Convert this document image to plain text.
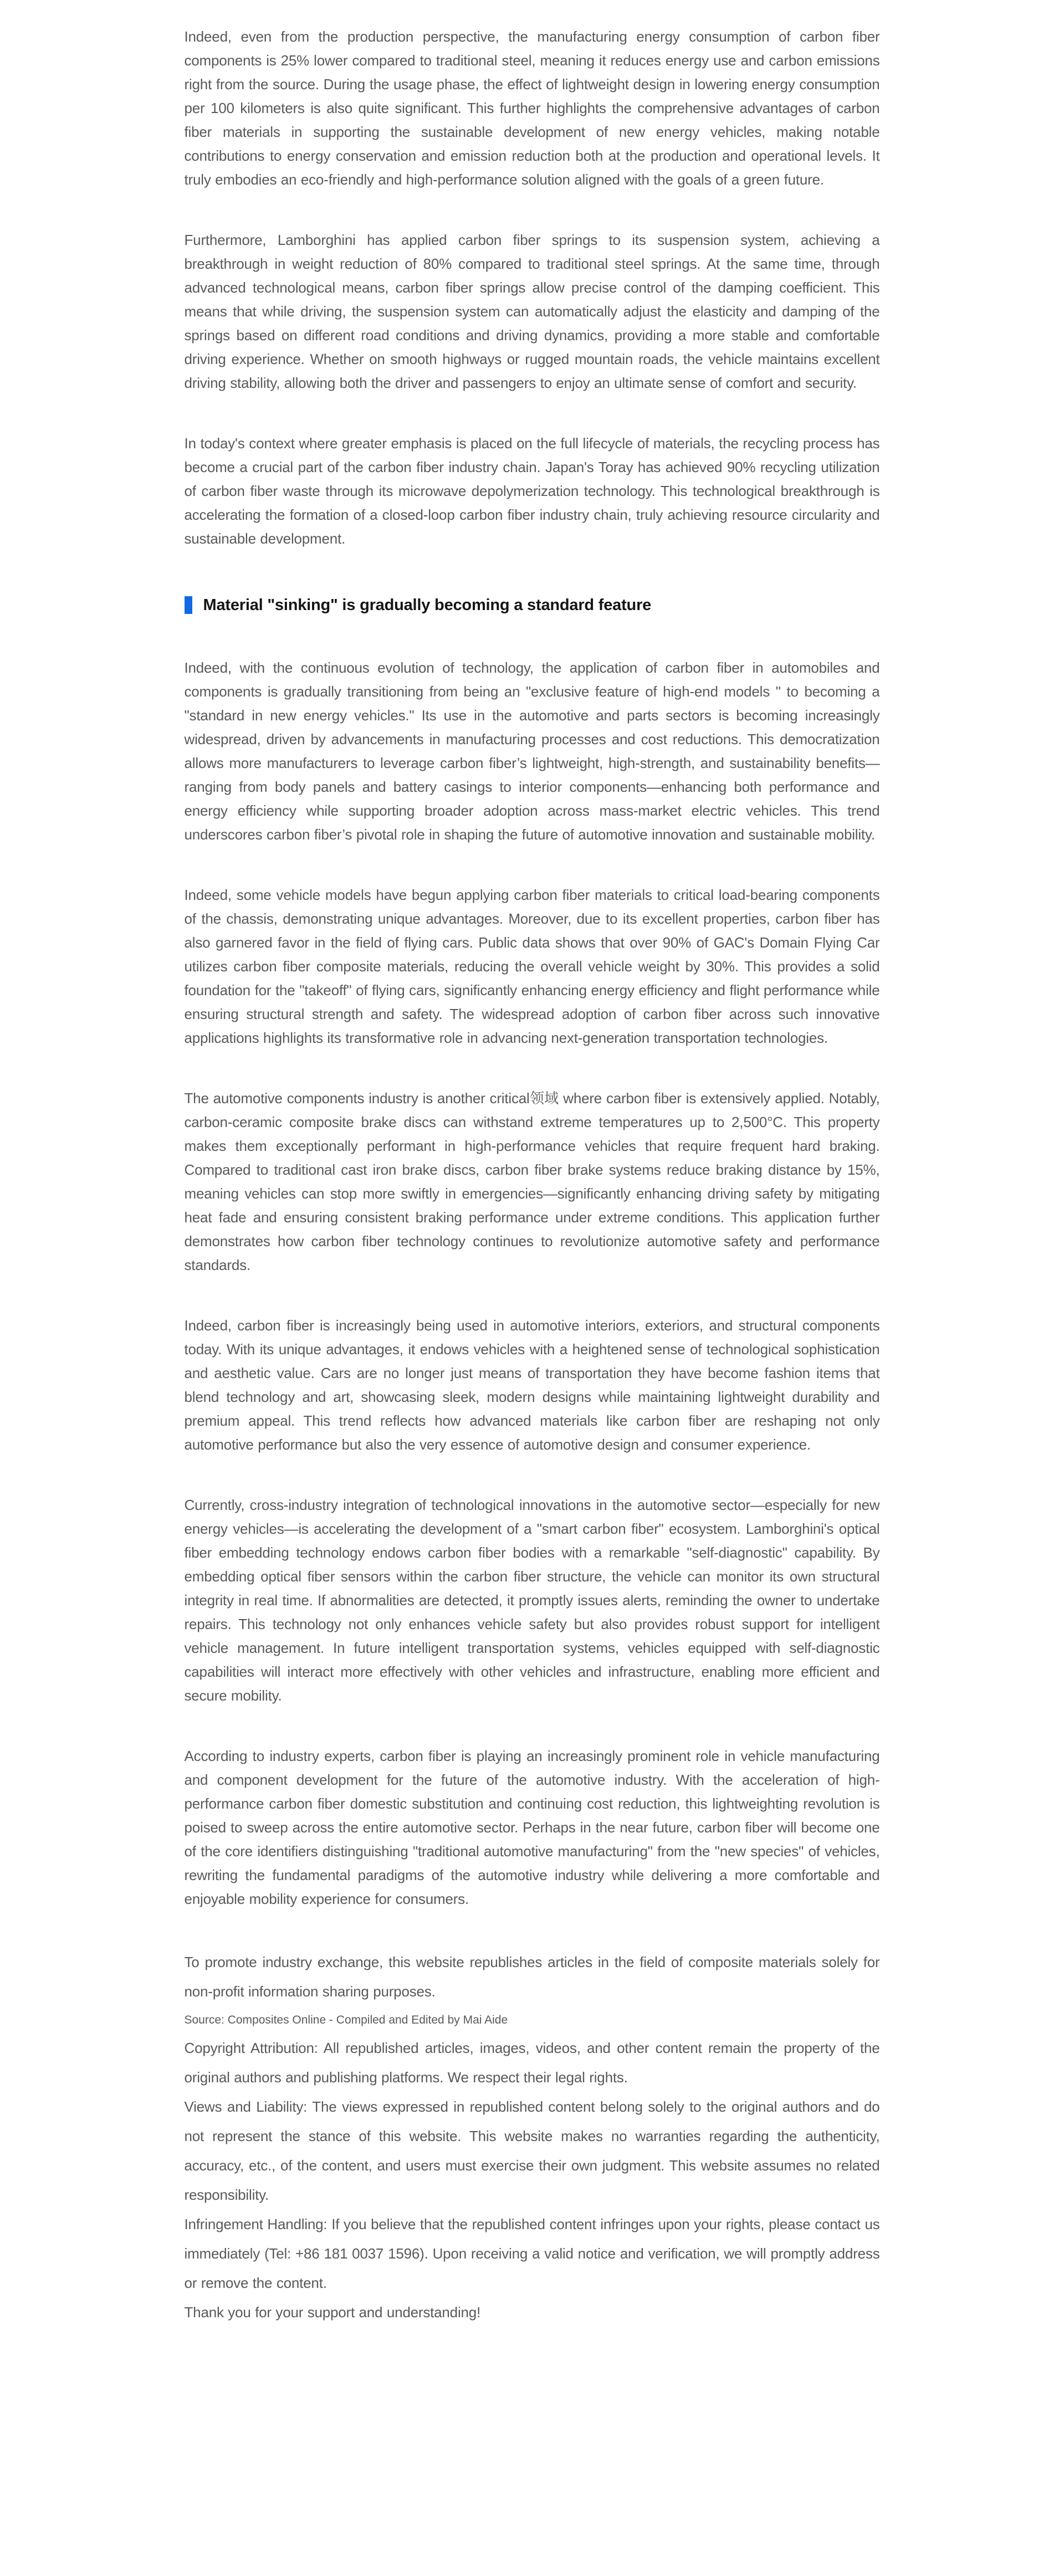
Indeed, even from the production perspective, the manufacturing energy consumption of carbon fiber components is 25% lower compared to traditional steel, meaning it reduces energy use and carbon emissions right from the source. During the usage phase, the effect of lightweight design in lowering energy consumption per 100 kilometers is also quite significant. This further highlights the comprehensive advantages of carbon fiber materials in supporting the sustainable development of new energy vehicles, making notable contributions to energy conservation and emission reduction both at the production and operational levels. It truly embodies an eco-friendly and high-performance solution aligned with the goals of a green future.

Furthermore, Lamborghini has applied carbon fiber springs to its suspension system, achieving a breakthrough in weight reduction of 80% compared to traditional steel springs. At the same time, through advanced technological means, carbon fiber springs allow precise control of the damping coefficient. This means that while driving, the suspension system can automatically adjust the elasticity and damping of the springs based on different road conditions and driving dynamics, providing a more stable and comfortable driving experience. Whether on smooth highways or rugged mountain roads, the vehicle maintains excellent driving stability, allowing both the driver and passengers to enjoy an ultimate sense of comfort and security.

In today's context where greater emphasis is placed on the full lifecycle of materials, the recycling process has become a crucial part of the carbon fiber industry chain. Japan's Toray has achieved 90% recycling utilization of carbon fiber waste through its microwave depolymerization technology. This technological breakthrough is accelerating the formation of a closed-loop carbon fiber industry chain, truly achieving resource circularity and sustainable development.

Material "sinking" is gradually becoming a standard feature

Indeed, with the continuous evolution of technology, the application of carbon fiber in automobiles and components is gradually transitioning from being an "exclusive feature of high-end models " to becoming a "standard in new energy vehicles." Its use in the automotive and parts sectors is becoming increasingly widespread, driven by advancements in manufacturing processes and cost reductions. This democratization allows more manufacturers to leverage carbon fiber’s lightweight, high-strength, and sustainability benefits—ranging from body panels and battery casings to interior components—enhancing both performance and energy efficiency while supporting broader adoption across mass-market electric vehicles. This trend underscores carbon fiber’s pivotal role in shaping the future of automotive innovation and sustainable mobility.

Indeed, some vehicle models have begun applying carbon fiber materials to critical load-bearing components of the chassis, demonstrating unique advantages. Moreover, due to its excellent properties, carbon fiber has also garnered favor in the field of flying cars. Public data shows that over 90% of GAC's Domain Flying Car utilizes carbon fiber composite materials, reducing the overall vehicle weight by 30%. This provides a solid foundation for the "takeoff" of flying cars, significantly enhancing energy efficiency and flight performance while ensuring structural strength and safety. The widespread adoption of carbon fiber across such innovative applications highlights its transformative role in advancing next-generation transportation technologies.

The automotive components industry is another critical领域 where carbon fiber is extensively applied. Notably, carbon-ceramic composite brake discs can withstand extreme temperatures up to 2,500°C. This property makes them exceptionally performant in high-performance vehicles that require frequent hard braking. Compared to traditional cast iron brake discs, carbon fiber brake systems reduce braking distance by 15%, meaning vehicles can stop more swiftly in emergencies—significantly enhancing driving safety by mitigating heat fade and ensuring consistent braking performance under extreme conditions. This application further demonstrates how carbon fiber technology continues to revolutionize automotive safety and performance standards.

Indeed, carbon fiber is increasingly being used in automotive interiors, exteriors, and structural components today. With its unique advantages, it endows vehicles with a heightened sense of technological sophistication and aesthetic value. Cars are no longer just means of transportation they have become fashion items that blend technology and art, showcasing sleek, modern designs while maintaining lightweight durability and premium appeal. This trend reflects how advanced materials like carbon fiber are reshaping not only automotive performance but also the very essence of automotive design and consumer experience.

Currently, cross-industry integration of technological innovations in the automotive sector—especially for new energy vehicles—is accelerating the development of a "smart carbon fiber" ecosystem. Lamborghini's optical fiber embedding technology endows carbon fiber bodies with a remarkable "self-diagnostic" capability. By embedding optical fiber sensors within the carbon fiber structure, the vehicle can monitor its own structural integrity in real time. If abnormalities are detected, it promptly issues alerts, reminding the owner to undertake repairs. This technology not only enhances vehicle safety but also provides robust support for intelligent vehicle management. In future intelligent transportation systems, vehicles equipped with self-diagnostic capabilities will interact more effectively with other vehicles and infrastructure, enabling more efficient and secure mobility.

According to industry experts, carbon fiber is playing an increasingly prominent role in vehicle manufacturing and component development for the future of the automotive industry. With the acceleration of high-performance carbon fiber domestic substitution and continuing cost reduction, this lightweighting revolution is poised to sweep across the entire automotive sector. Perhaps in the near future, carbon fiber will become one of the core identifiers distinguishing "traditional automotive manufacturing" from the "new species" of vehicles, rewriting the fundamental paradigms of the automotive industry while delivering a more comfortable and enjoyable mobility experience for consumers.

To promote industry exchange, this website republishes articles in the field of composite materials solely for non-profit information sharing purposes.

Source: Composites Online - Compiled and Edited by Mai Aide

Copyright Attribution: All republished articles, images, videos, and other content remain the property of the original authors and publishing platforms. We respect their legal rights.

Views and Liability: The views expressed in republished content belong solely to the original authors and do not represent the stance of this website. This website makes no warranties regarding the authenticity, accuracy, etc., of the content, and users must exercise their own judgment. This website assumes no related responsibility.

Infringement Handling: If you believe that the republished content infringes upon your rights, please contact us immediately (Tel: +86 181 0037 1596). Upon receiving a valid notice and verification, we will promptly address or remove the content.

Thank you for your support and understanding!
